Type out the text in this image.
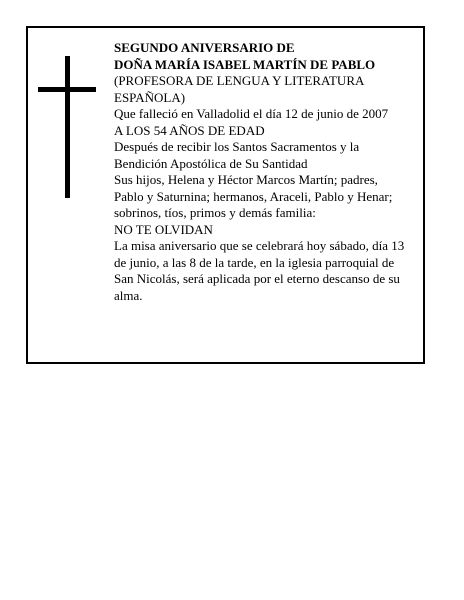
SEGUNDO ANIVERSARIO DE
DOÑA MARÍA ISABEL MARTÍN DE PABLO
(PROFESORA DE LENGUA Y LITERATURA
ESPAÑOLA)
Que falleció en Valladolid el día 12 de junio de 2007
A LOS 54 AÑOS DE EDAD
Después de recibir los Santos Sacramentos y la
Bendición Apostólica de Su Santidad
Sus hijos, Helena y Héctor Marcos Martín; padres,
Pablo y Saturnina; hermanos, Araceli, Pablo y Henar;
sobrinos, tíos, primos y demás familia:
NO TE OLVIDAN
La misa aniversario que se celebrará hoy sábado, día 13
de junio, a las 8 de la tarde, en la iglesia parroquial de
San Nicolás, será aplicada por el eterno descanso de su
alma.
